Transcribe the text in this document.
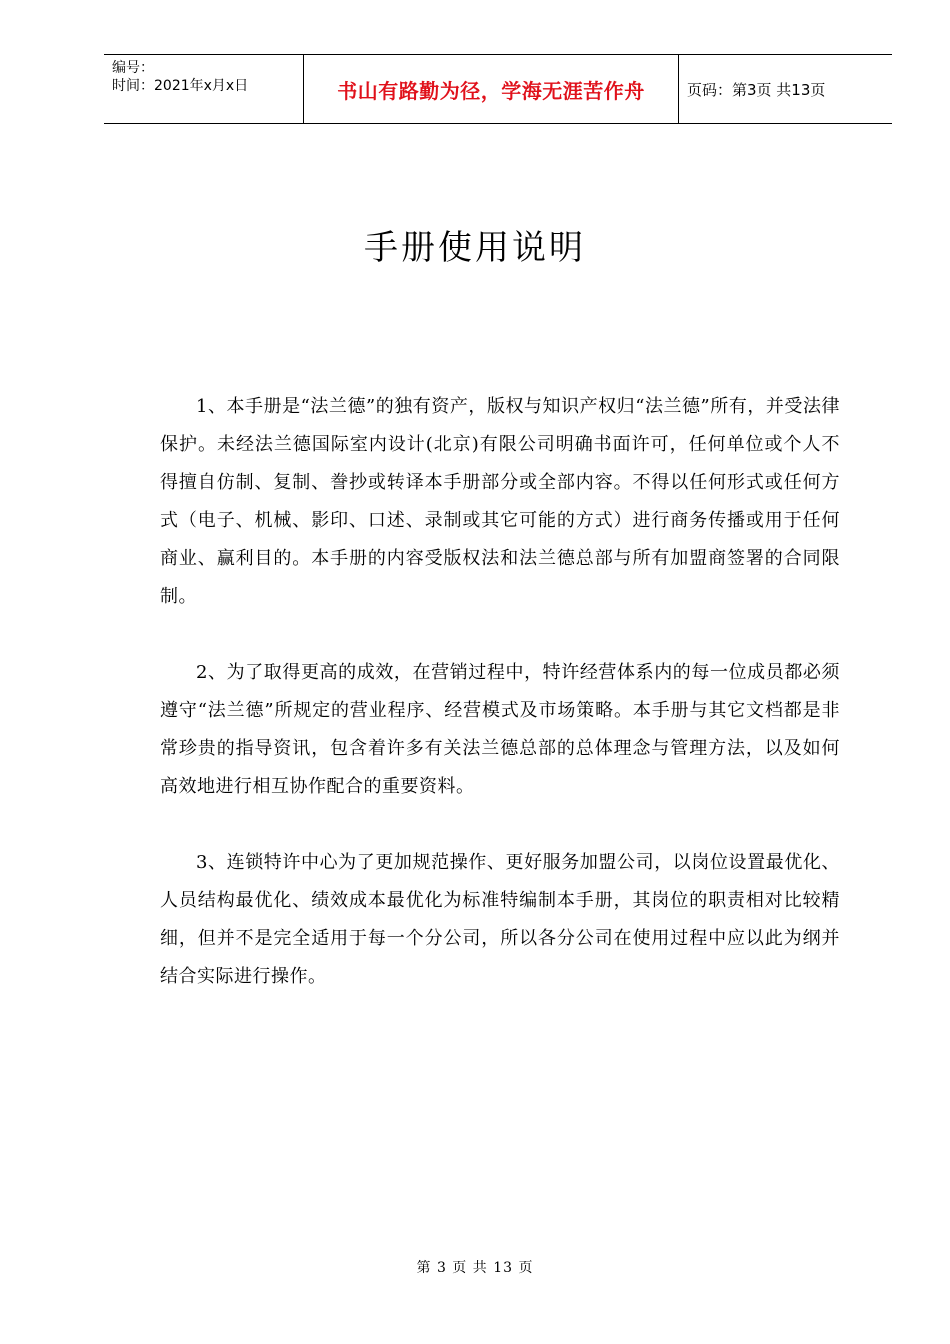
编号：
时间：2021年x月x日	书山有路勤为径，学海无涯苦作舟	页码：第3页 共13页
手册使用说明

1、本手册是“法兰德”的独有资产，版权与知识产权归“法兰德”所有，并受法律保护。未经法兰德国际室内设计(北京)有限公司明确书面许可，任何单位或个人不得擅自仿制、复制、誊抄或转译本手册部分或全部内容。不得以任何形式或任何方式（电子、机械、影印、口述、录制或其它可能的方式）进行商务传播或用于任何商业、赢利目的。本手册的内容受版权法和法兰德总部与所有加盟商签署的合同限制。

2、为了取得更高的成效，在营销过程中，特许经营体系内的每一位成员都必须遵守“法兰德”所规定的营业程序、经营模式及市场策略。本手册与其它文档都是非常珍贵的指导资讯，包含着许多有关法兰德总部的总体理念与管理方法，以及如何高效地进行相互协作配合的重要资料。

3、连锁特许中心为了更加规范操作、更好服务加盟公司，以岗位设置最优化、人员结构最优化、绩效成本最优化为标准特编制本手册，其岗位的职责相对比较精细，但并不是完全适用于每一个分公司，所以各分公司在使用过程中应以此为纲并结合实际进行操作。

第 3 页 共 13 页
